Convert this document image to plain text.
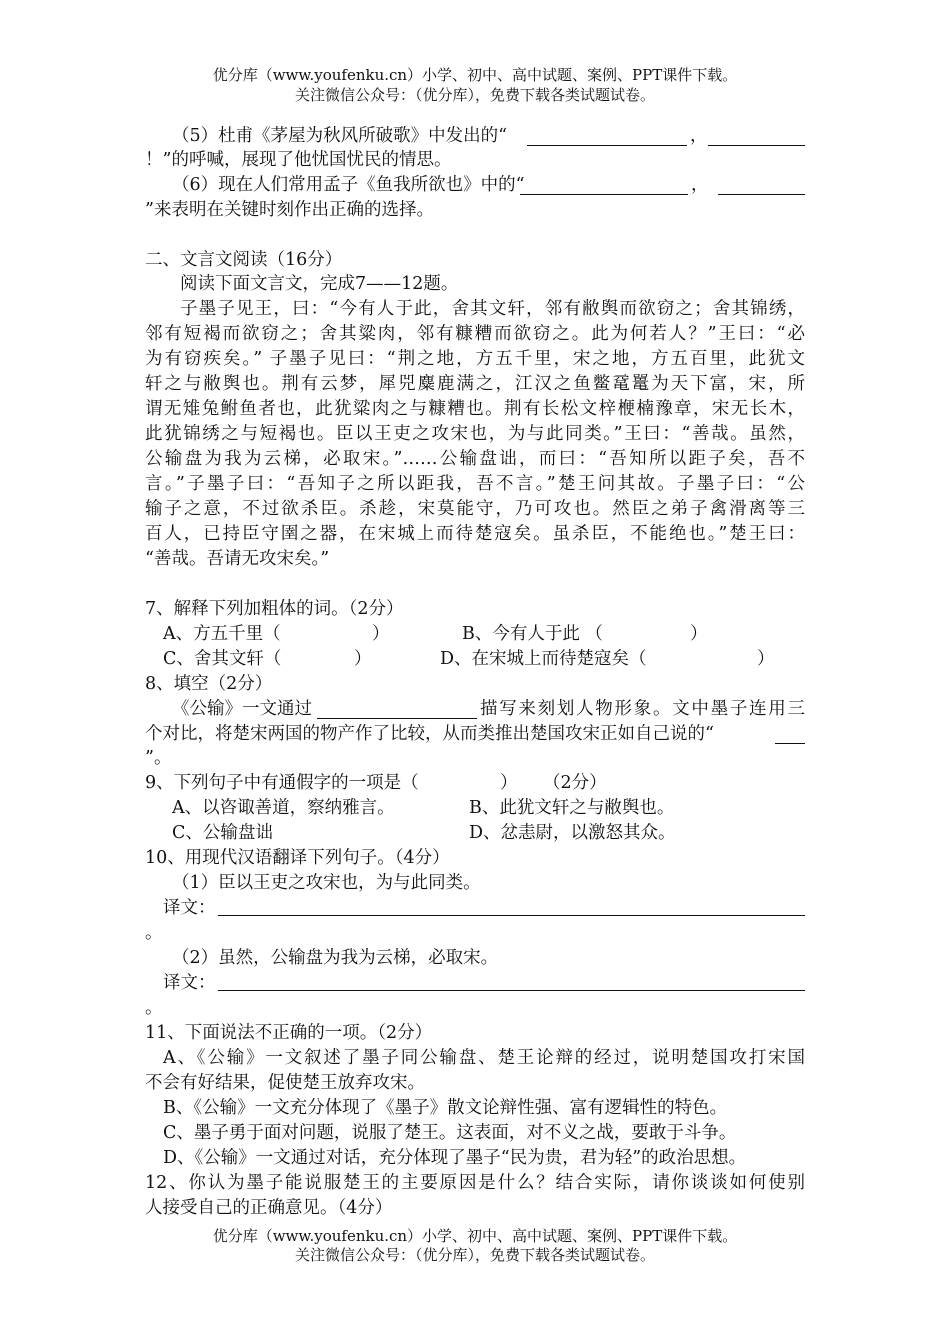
优分库（www.youfenku.cn）小学、初中、高中试题、案例、PPT课件下载。
关注微信公众号：（优分库），免费下载各类试题试卷。
（5）杜甫《茅屋为秋风所破歌》中发出的“	，
！”的呼喊，展现了他忧国忧民的情思。
（6）现在人们常用孟子《鱼我所欲也》中的“	，
”来表明在关键时刻作出正确的选择。
二、文言文阅读（16分）
阅读下面文言文，完成7——12题。
子墨子见王，曰：“今有人于此，舍其文轩，邻有敝舆而欲窃之；舍其锦绣，
邻有短褐而欲窃之；舍其粱肉，邻有糠糟而欲窃之。此为何若人？”王曰：“必
为有窃疾矣。” 子墨子见曰：“荆之地，方五千里，宋之地，方五百里，此犹文
轩之与敝舆也。荆有云梦，犀兕麋鹿满之，江汉之鱼鳖鼋鼍为天下富，宋，所
谓无雉兔鲋鱼者也，此犹粱肉之与糠糟也。荆有长松文梓楩楠豫章，宋无长木，
此犹锦绣之与短褐也。臣以王吏之攻宋也，为与此同类。”王曰：“善哉。虽然，
公输盘为我为云梯，必取宋。”……公输盘诎，而曰：“吾知所以距子矣，吾不
言。”子墨子曰：“吾知子之所以距我，吾不言。”楚王问其故。子墨子曰：“公
输子之意，不过欲杀臣。杀趁，宋莫能守，乃可攻也。然臣之弟子禽滑离等三
百人，已持臣守圉之器，在宋城上而待楚寇矣。虽杀臣，不能绝也。”楚王曰：
“善哉。吾请无攻宋矣。”
7、解释下列加粗体的词。（2分）
A、方五千里（	）	B、今有人于此 （	）
C、舍其文轩（	）	D、在宋城上而待楚寇矣（	）
8、填空（2分）
《公输》一文通过	描写来刻划人物形象。文中墨子连用三
个对比，将楚宋两国的物产作了比较，从而类推出楚国攻宋正如自己说的“
”。
9、下列句子中有通假字的一项是（	） （2分）
A、以咨诹善道，察纳雅言。	B、此犹文轩之与敝舆也。
C、公输盘诎	D、忿恚尉，以激怒其众。
10、用现代汉语翻译下列句子。（4分）
（1）臣以王吏之攻宋也，为与此同类。
译文：
。
（2）虽然，公输盘为我为云梯，必取宋。
译文：
。
11、下面说法不正确的一项。（2分）
A、《公输》一文叙述了墨子同公输盘、楚王论辩的经过，说明楚国攻打宋国
不会有好结果，促使楚王放弃攻宋。
B、《公输》一文充分体现了《墨子》散文论辩性强、富有逻辑性的特色。
C、墨子勇于面对问题，说服了楚王。这表面，对不义之战，要敢于斗争。
D、《公输》一文通过对话，充分体现了墨子“民为贵，君为轻”的政治思想。
12、你认为墨子能说服楚王的主要原因是什么？结合实际，请你谈谈如何使别
人接受自己的正确意见。（4分）
优分库（www.youfenku.cn）小学、初中、高中试题、案例、PPT课件下载。
关注微信公众号：（优分库），免费下载各类试题试卷。
